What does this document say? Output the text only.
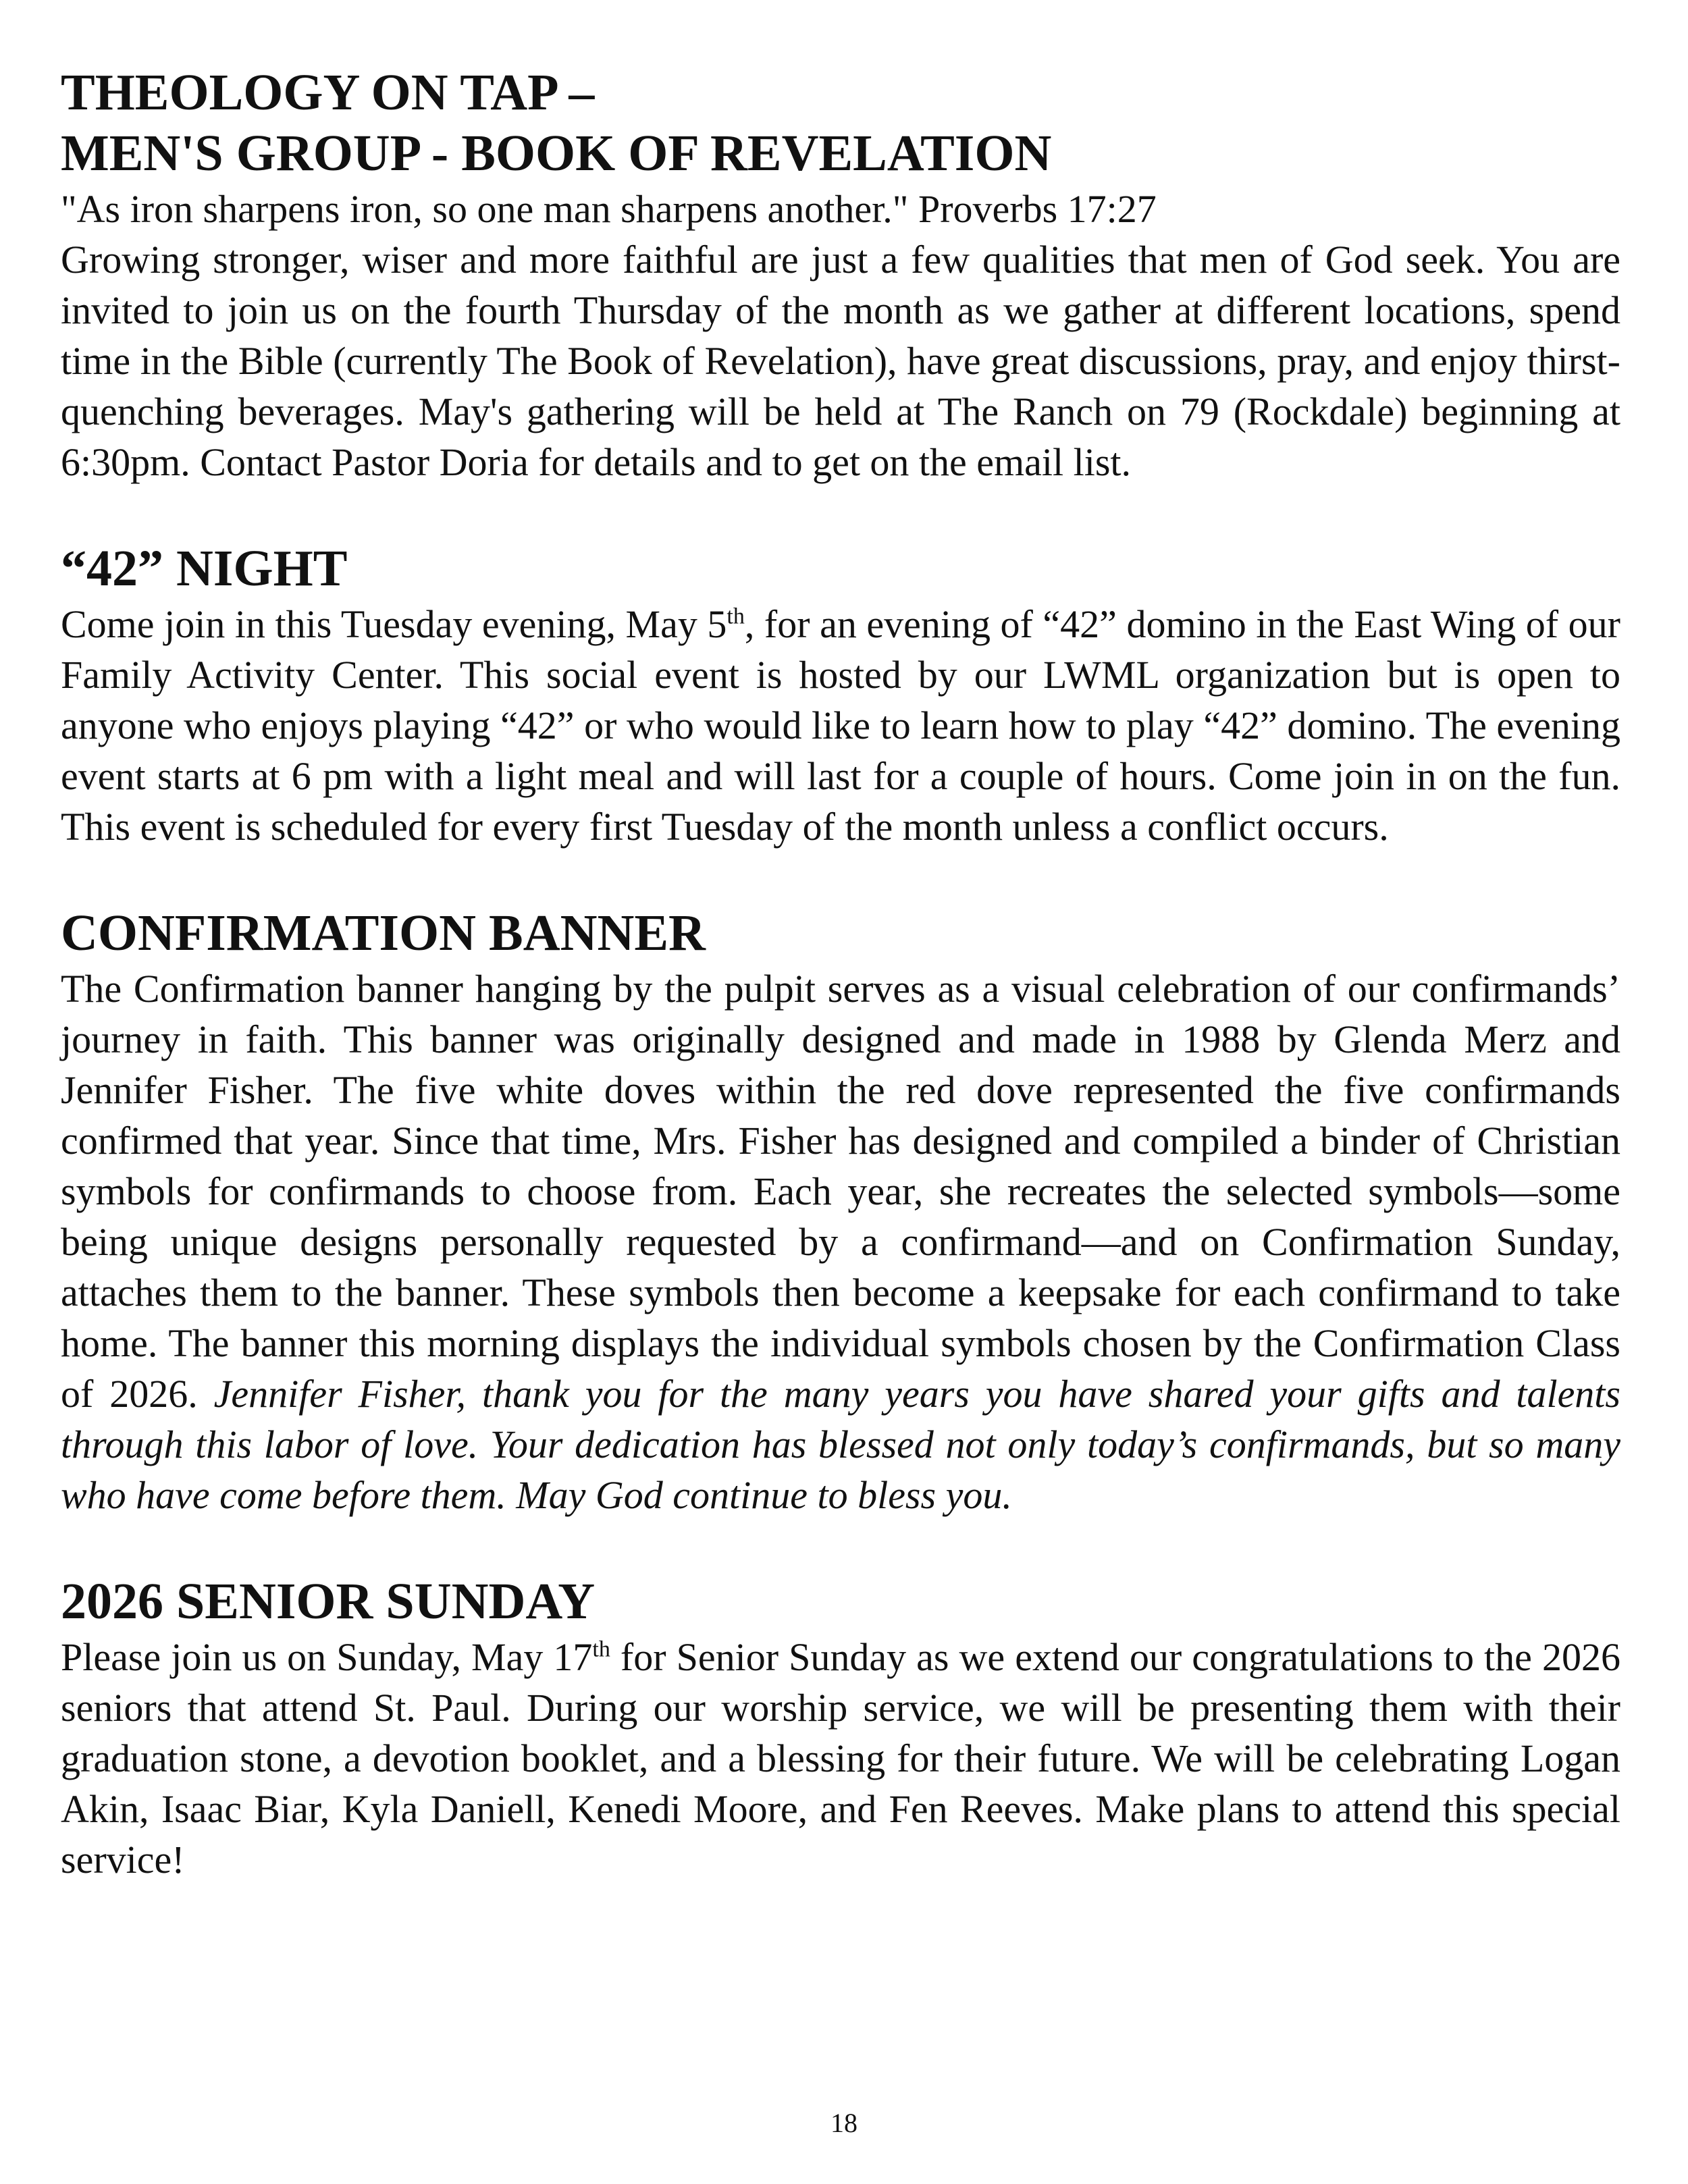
THEOLOGY ON TAP –
MEN'S GROUP - BOOK OF REVELATION

"As iron sharpens iron, so one man sharpens another." Proverbs 17:27

Growing stronger, wiser and more faithful are just a few qualities that men of God seek. You are invited to join us on the fourth Thursday of the month as we gather at different locations, spend time in the Bible (currently The Book of Revelation), have great discussions, pray, and enjoy thirst-quenching beverages. May's gathering will be held at The Ranch on 79 (Rockdale) beginning at 6:30pm. Contact Pastor Doria for details and to get on the email list.

“42” NIGHT

Come join in this Tuesday evening, May 5th, for an evening of “42” domino in the East Wing of our Family Activity Center. This social event is hosted by our LWML organization but is open to anyone who enjoys playing “42” or who would like to learn how to play “42” domino. The evening event starts at 6 pm with a light meal and will last for a couple of hours. Come join in on the fun. This event is scheduled for every first Tuesday of the month unless a conflict occurs.

CONFIRMATION BANNER

The Confirmation banner hanging by the pulpit serves as a visual celebration of our confirmands’ journey in faith. This banner was originally designed and made in 1988 by Glenda Merz and Jennifer Fisher. The five white doves within the red dove represented the five confirmands confirmed that year. Since that time, Mrs. Fisher has designed and compiled a binder of Christian symbols for confirmands to choose from. Each year, she recreates the selected symbols—some being unique designs personally requested by a confirmand—and on Confirmation Sunday, attaches them to the banner. These symbols then become a keepsake for each confirmand to take home. The banner this morning displays the individual symbols chosen by the Confirmation Class of 2026. Jennifer Fisher, thank you for the many years you have shared your gifts and talents through this labor of love. Your dedication has blessed not only today’s confirmands, but so many who have come before them. May God continue to bless you.

2026 SENIOR SUNDAY

Please join us on Sunday, May 17th for Senior Sunday as we extend our congratulations to the 2026 seniors that attend St. Paul. During our worship service, we will be presenting them with their graduation stone, a devotion booklet, and a blessing for their future. We will be celebrating Logan Akin, Isaac Biar, Kyla Daniell, Kenedi Moore, and Fen Reeves. Make plans to attend this special service!

18
